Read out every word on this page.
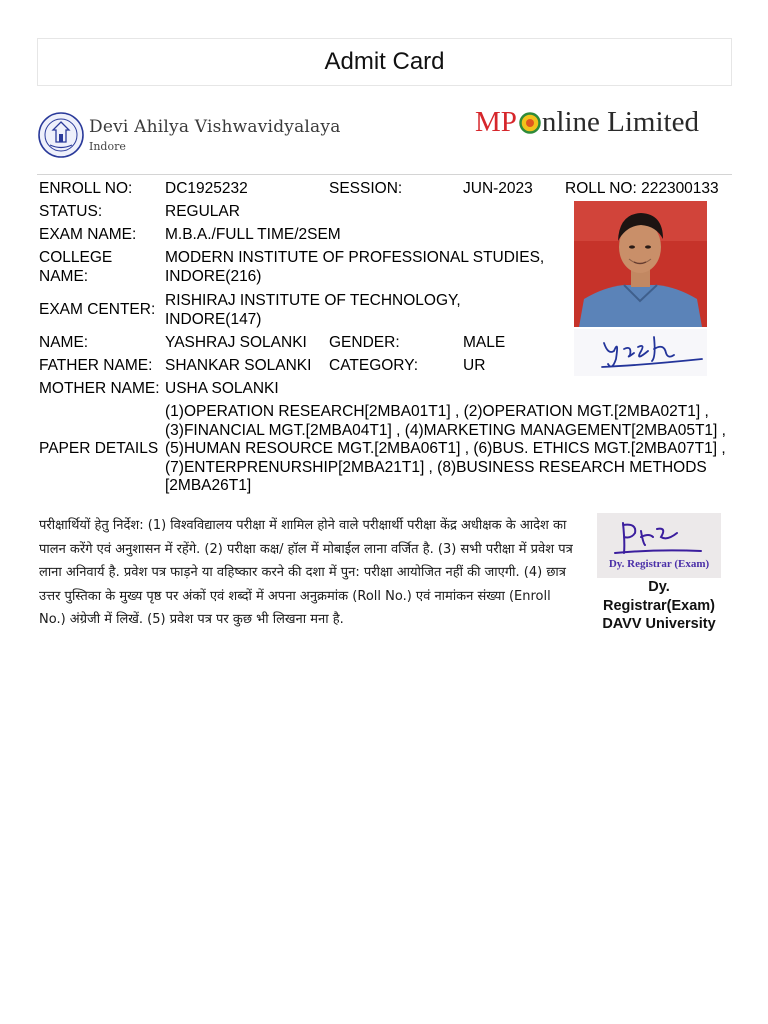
Admit Card
Devi Ahilya Vishwavidyalaya
Indore
MP nline Limited
ENROLL NO: DC1925232	SESSION:	JUN-2023 ROLL NO: 222300133
STATUS:	REGULAR
EXAM NAME: M.B.A./FULL TIME/2SEM
COLLEGE
NAME:
MODERN INSTITUTE OF PROFESSIONAL STUDIES, INDORE(216)
EXAM CENTER:
RISHIRAJ INSTITUTE OF TECHNOLOGY, INDORE(147)
NAME:	YASHRAJ SOLANKI GENDER:	MALE
FATHER NAME: SHANKAR SOLANKI CATEGORY:	UR
MOTHER NAME: USHA SOLANKI
PAPER DETAILS
(1)OPERATION RESEARCH[2MBA01T1] , (2)OPERATION MGT.[2MBA02T1] , (3)FINANCIAL MGT.[2MBA04T1] , (4)MARKETING MANAGEMENT[2MBA05T1] , (5)HUMAN RESOURCE MGT.[2MBA06T1] , (6)BUS. ETHICS MGT.[2MBA07T1] , (7)ENTERPRENURSHIP[2MBA21T1] , (8)BUSINESS RESEARCH METHODS [2MBA26T1]
परीक्षार्थियों हेतु निर्देश: (1) विश्वविद्यालय परीक्षा में शामिल होने वाले परीक्षार्थी परीक्षा केंद्र अधीक्षक के आदेश का पालन करेंगे एवं अनुशासन में रहेंगे. (2) परीक्षा कक्ष/ हॉल में मोबाईल लाना वर्जित है. (3) सभी परीक्षा में प्रवेश पत्र लाना अनिवार्य है. प्रवेश पत्र फाड़ने या वहिष्कार करने की दशा में पुन: परीक्षा आयोजित नहीं की जाएगी. (4) छात्र उत्तर पुस्तिका के मुख्य पृष्ठ पर अंकों एवं शब्दों में अपना अनुक्रमांक (Roll No.) एवं नामांकन संख्या (Enroll No.) अंग्रेजी में लिखें. (5) प्रवेश पत्र पर कुछ भी लिखना मना है.
Dy. Registrar (Exam)
Dy.
Registrar(Exam)
DAVV University
